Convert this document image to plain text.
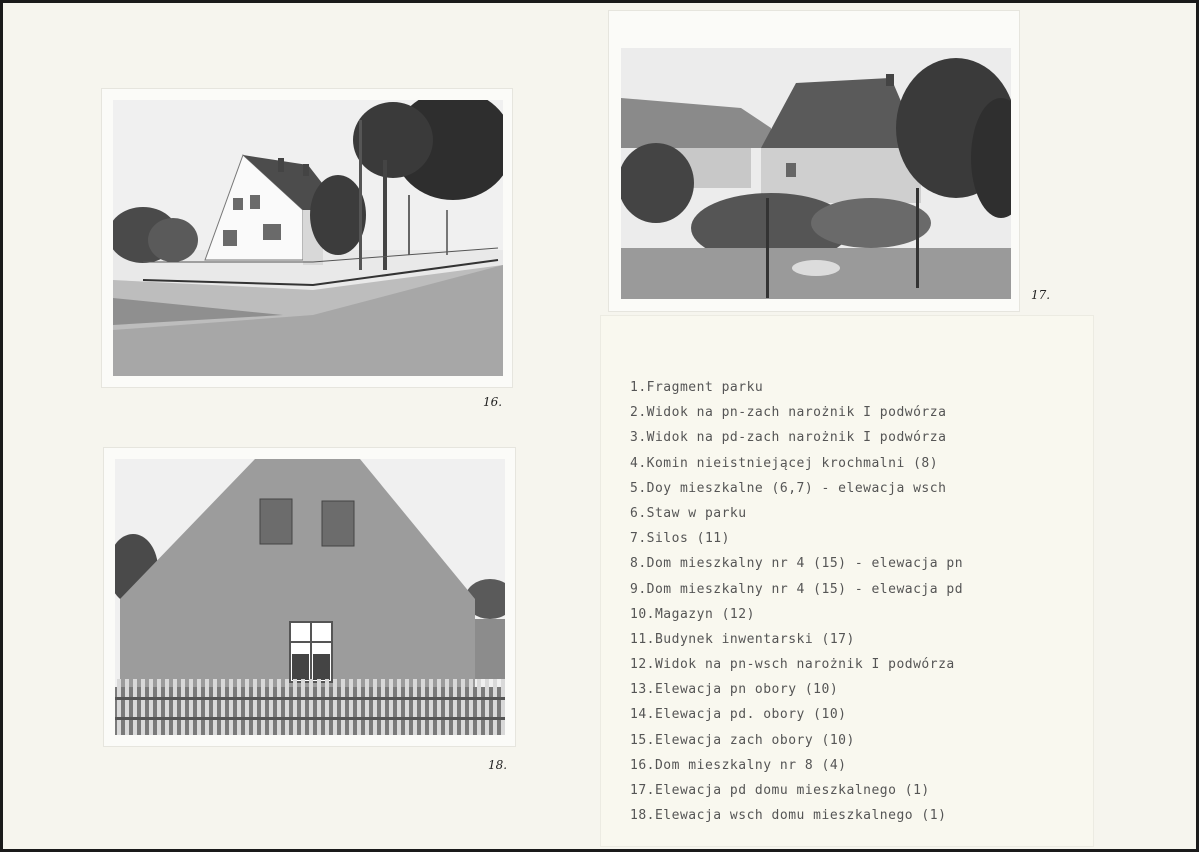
16.
17.
18.
1.Fragment parku
2.Widok na pn-zach narożnik I podwórza
3.Widok na pd-zach narożnik I podwórza
4.Komin nieistniejącej krochmalni (8)
5.Doy mieszkalne (6,7) - elewacja wsch
6.Staw w parku
7.Silos (11)
8.Dom mieszkalny nr 4 (15) - elewacja pn
9.Dom mieszkalny nr 4 (15) - elewacja pd
10.Magazyn (12)
11.Budynek inwentarski (17)
12.Widok na pn-wsch narożnik I podwórza
13.Elewacja pn obory (10)
14.Elewacja pd. obory (10)
15.Elewacja zach obory (10)
16.Dom mieszkalny nr 8 (4)
17.Elewacja pd domu mieszkalnego (1)
18.Elewacja wsch domu mieszkalnego (1)
